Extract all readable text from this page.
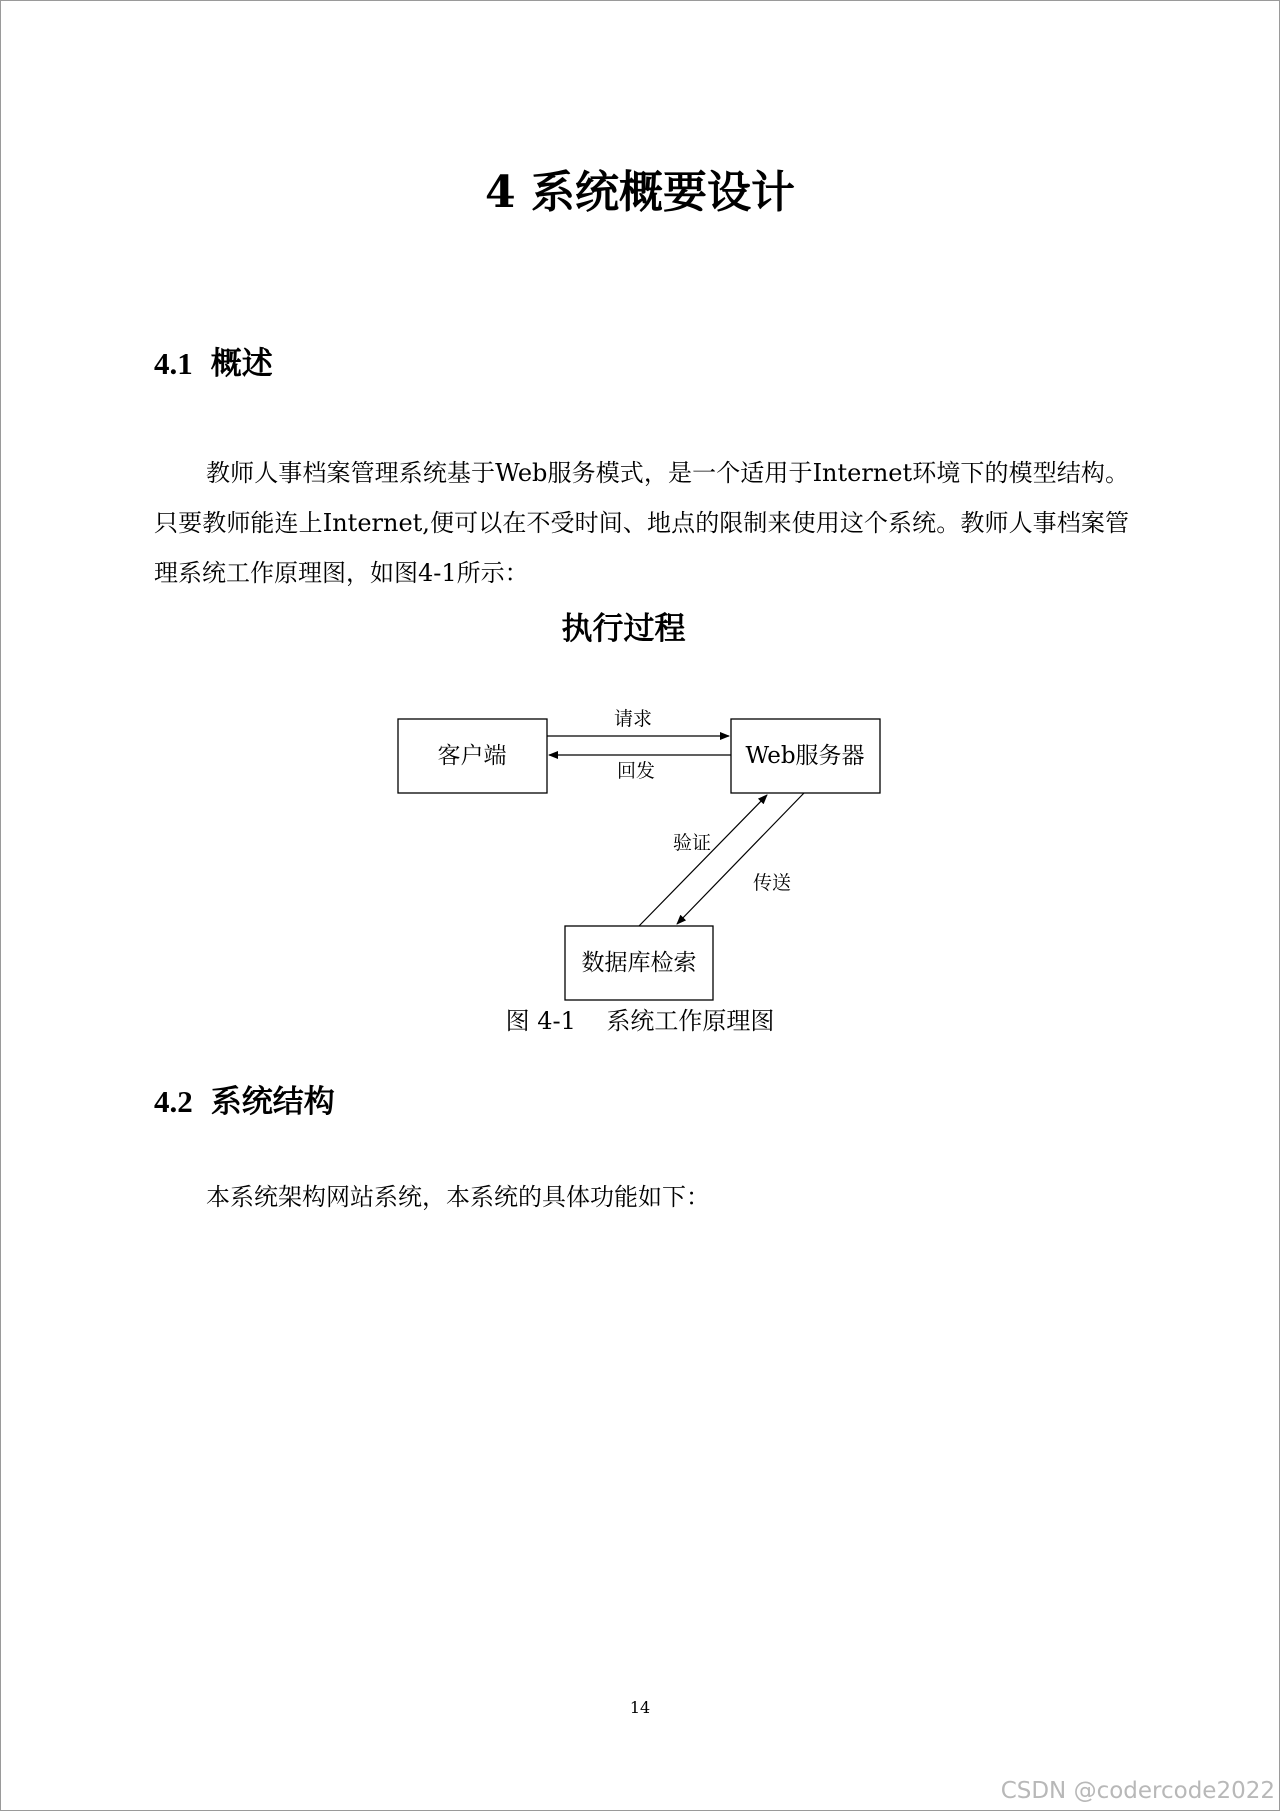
4 系统概要设计
4.1 概述

教师人事档案管理系统基于Web服务模式，是一个适用于Internet环境下的模型结构。只要教师能连上Internet,便可以在不受时间、地点的限制来使用这个系统。教师人事档案管理系统工作原理图，如图4-1所示：

执行过程
客户端	Web服务器
数据库检索
请求
回发
验证
传送
图 4-1    系统工作原理图
4.2 系统结构

本系统架构网站系统，本系统的具体功能如下：

14
CSDN @codercode2022
